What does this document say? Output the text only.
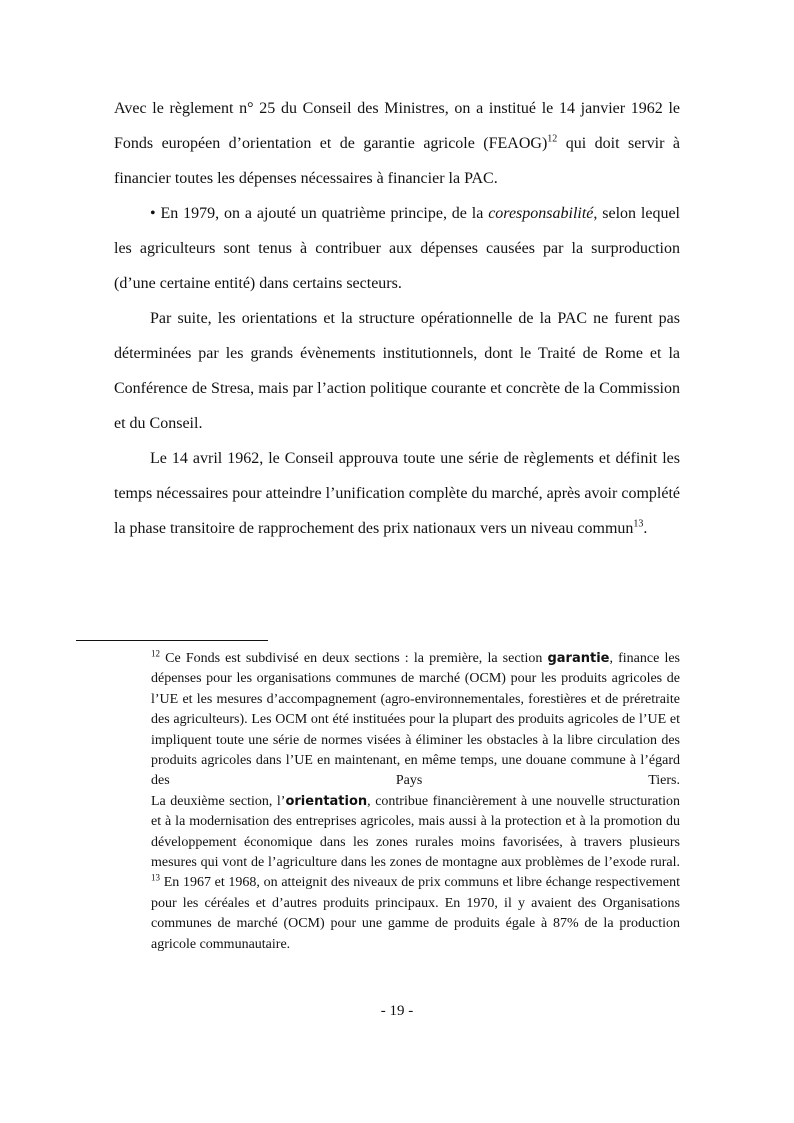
Avec le règlement n° 25 du Conseil des Ministres, on a institué le 14 janvier 1962 le Fonds européen d’orientation et de garantie agricole (FEAOG)$^{12}$ qui doit servir à financier toutes les dépenses nécessaires à financier la PAC.

• En 1979, on a ajouté un quatrième principe, de la coresponsabilité, selon lequel les agriculteurs sont tenus à contribuer aux dépenses causées par la surproduction (d’une certaine entité) dans certains secteurs.

Par suite, les orientations et la structure opérationnelle de la PAC ne furent pas déterminées par les grands évènements institutionnels, dont le Traité de Rome et la Conférence de Stresa, mais par l’action politique courante et concrète de la Commission et du Conseil.

Le 14 avril 1962, le Conseil approuva toute une série de règlements et définit les temps nécessaires pour atteindre l’unification complète du marché, après avoir complété la phase transitoire de rapprochement des prix nationaux vers un niveau commun$^{13}$.

$^{12}$ Ce Fonds est subdivisé en deux sections : la première, la section garantie, finance les dépenses pour les organisations communes de marché (OCM) pour les produits agricoles de l’UE et les mesures d’accompagnement (agro-environnementales, forestières et de préretraite des agriculteurs). Les OCM ont été instituées pour la plupart des produits agricoles de l’UE et impliquent toute une série de normes visées à éliminer les obstacles à la libre circulation des produits agricoles dans l’UE en maintenant, en même temps, une douane commune à l’égard des Pays Tiers.

La deuxième section, l’orientation, contribue financièrement à une nouvelle structuration et à la modernisation des entreprises agricoles, mais aussi à la protection et à la promotion du développement économique dans les zones rurales moins favorisées, à travers plusieurs mesures qui vont de l’agriculture dans les zones de montagne aux problèmes de l’exode rural.

$^{13}$ En 1967 et 1968, on atteignit des niveaux de prix communs et libre échange respectivement pour les céréales et d’autres produits principaux. En 1970, il y avaient des Organisations communes de marché (OCM) pour une gamme de produits égale à 87% de la production agricole communautaire.

- 19 -
